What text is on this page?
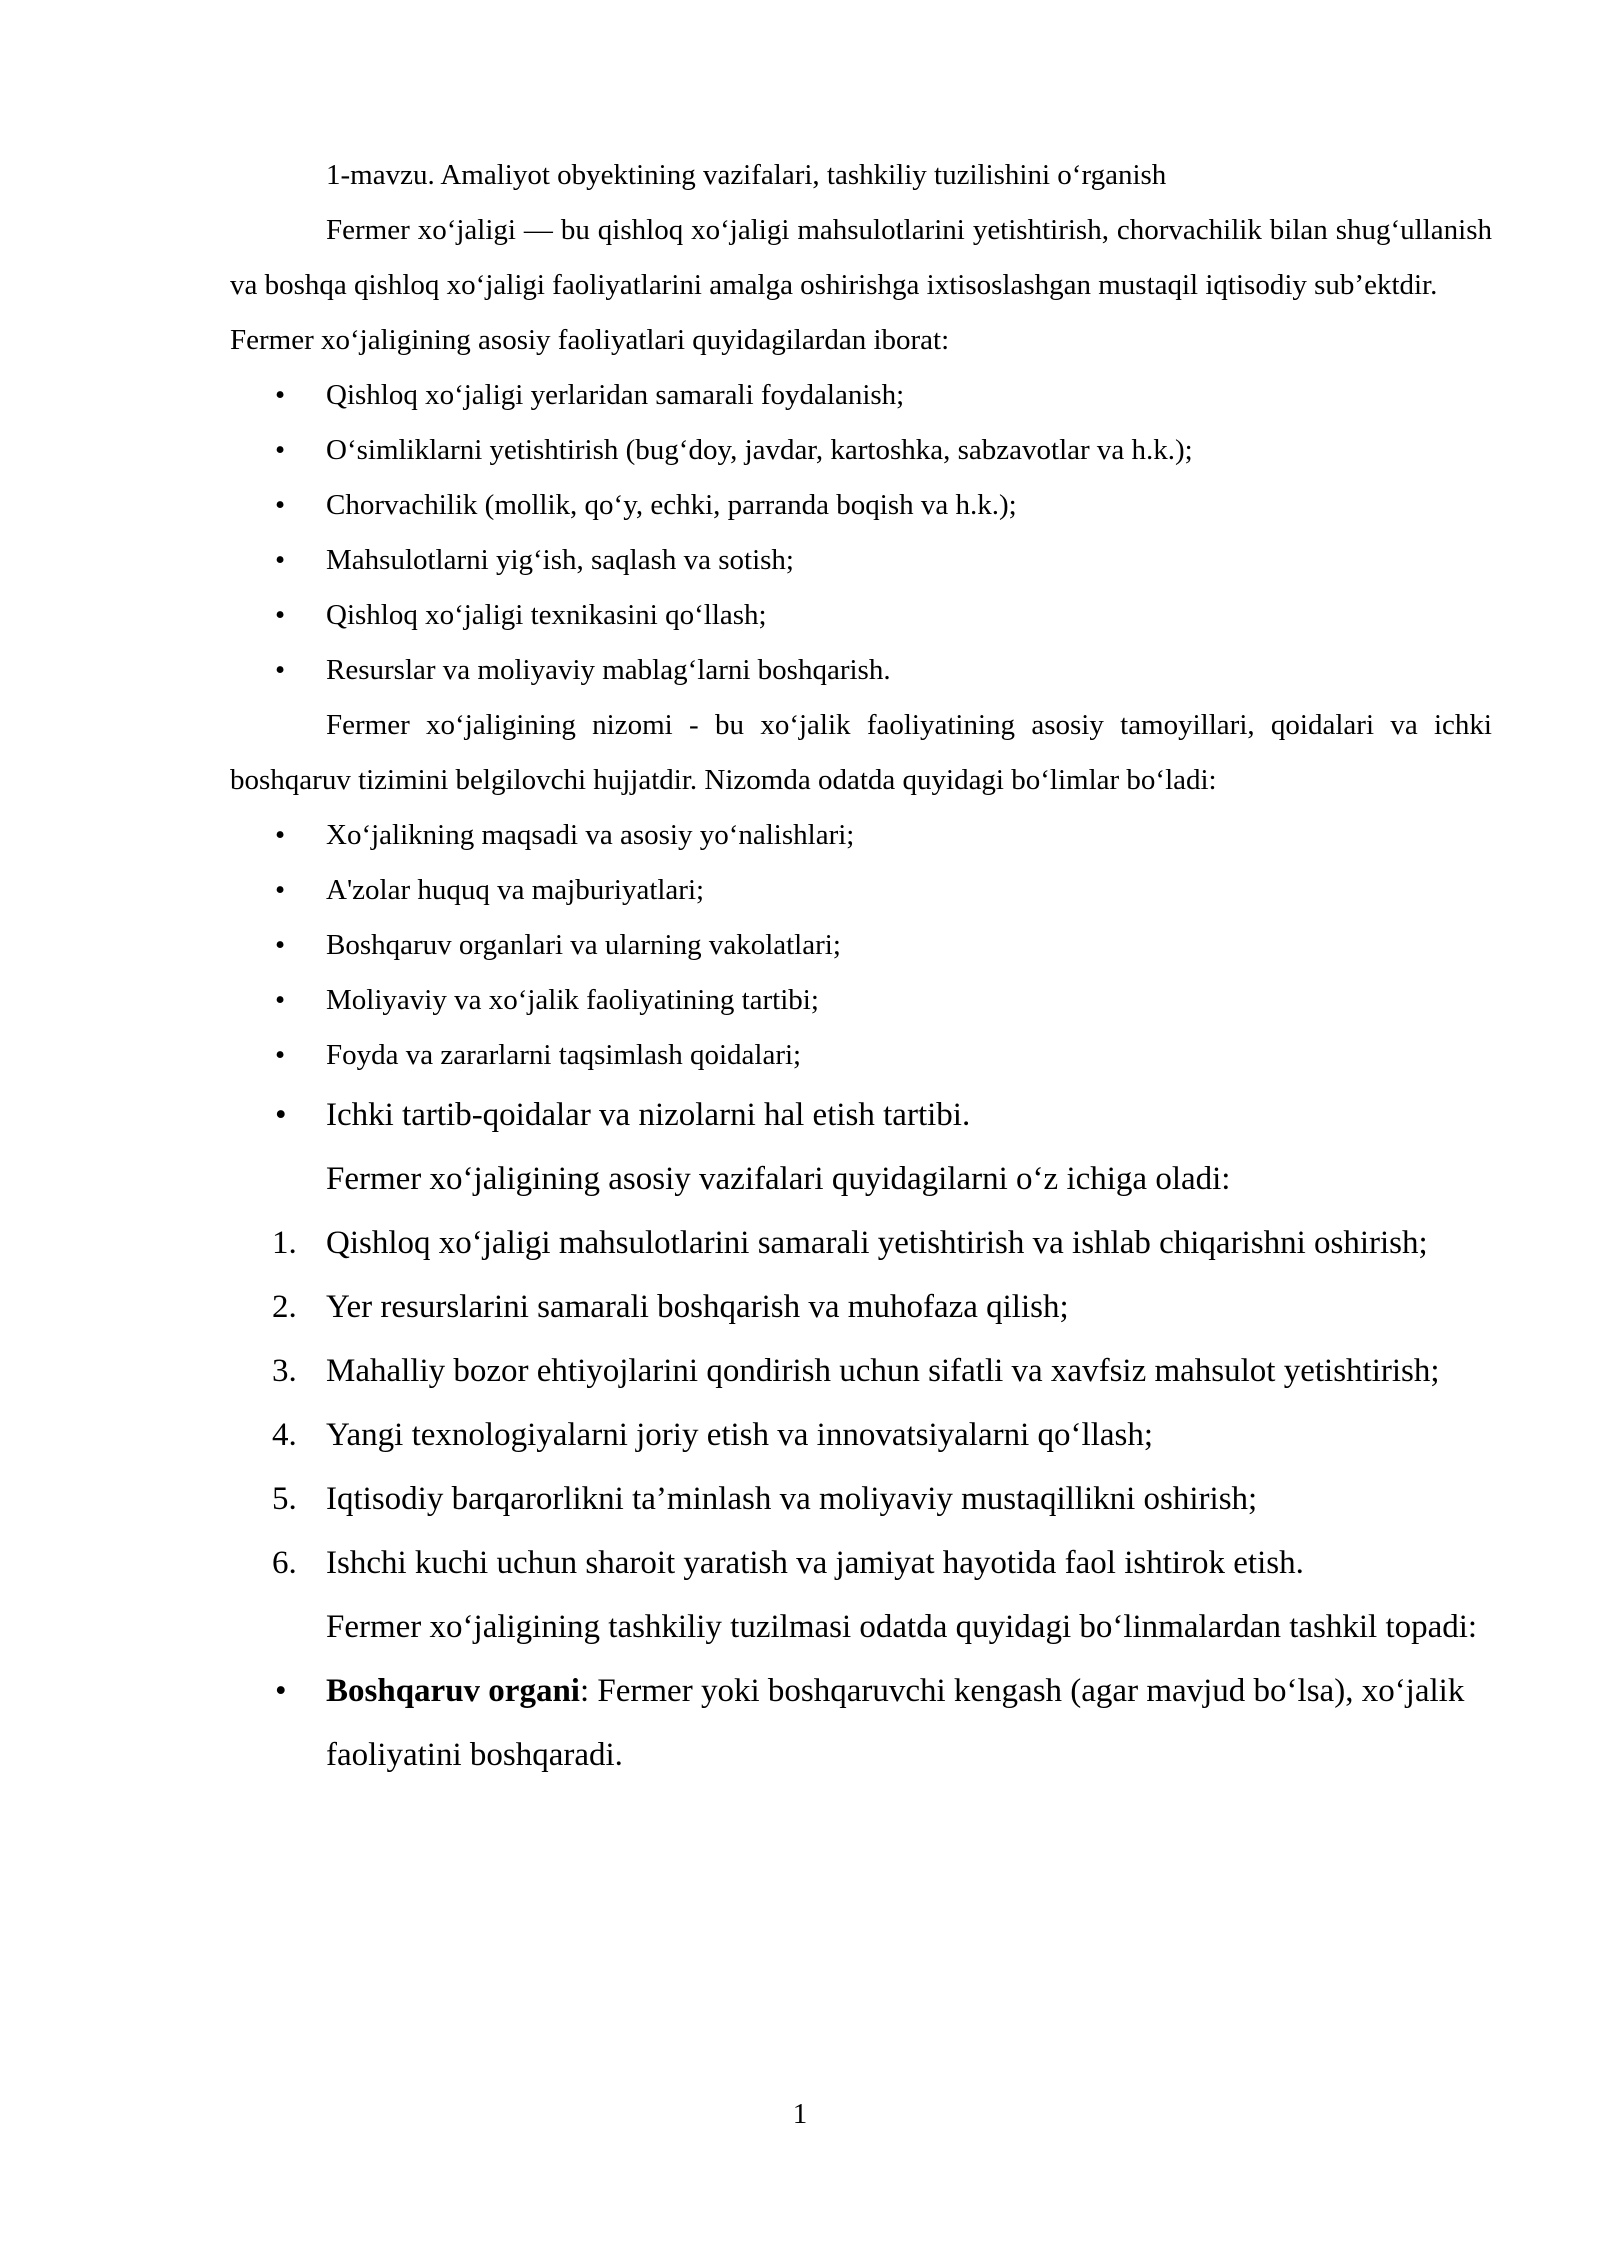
1-mavzu. Amaliyot obyektining vazifalari, tashkiliy tuzilishini o‘rganish

Fermer xo‘jaligi — bu qishloq xo‘jaligi mahsulotlarini yetishtirish, chorvachilik bilan shug‘ullanish va boshqa qishloq xo‘jaligi faoliyatlarini amalga oshirishga ixtisoslashgan mustaqil iqtisodiy sub’ektdir.

Fermer xo‘jaligining asosiy faoliyatlari quyidagilardan iborat:

• Qishloq xo‘jaligi yerlaridan samarali foydalanish;
• O‘simliklarni yetishtirish (bug‘doy, javdar, kartoshka, sabzavotlar va h.k.);
• Chorvachilik (mollik, qo‘y, echki, parranda boqish va h.k.);
• Mahsulotlarni yig‘ish, saqlash va sotish;
• Qishloq xo‘jaligi texnikasini qo‘llash;
• Resurslar va moliyaviy mablag‘larni boshqarish.

Fermer xo‘jaligining nizomi - bu xo‘jalik faoliyatining asosiy tamoyillari, qoidalari va ichki boshqaruv tizimini belgilovchi hujjatdir. Nizomda odatda quyidagi bo‘limlar bo‘ladi:

• Xo‘jalikning maqsadi va asosiy yo‘nalishlari;
• A'zolar huquq va majburiyatlari;
• Boshqaruv organlari va ularning vakolatlari;
• Moliyaviy va xo‘jalik faoliyatining tartibi;
• Foyda va zararlarni taqsimlash qoidalari;
• Ichki tartib-qoidalar va nizolarni hal etish tartibi.

Fermer xo‘jaligining asosiy vazifalari quyidagilarni o‘z ichiga oladi:

1. Qishloq xo‘jaligi mahsulotlarini samarali yetishtirish va ishlab chiqarishni oshirish;
2. Yer resurslarini samarali boshqarish va muhofaza qilish;
3. Mahalliy bozor ehtiyojlarini qondirish uchun sifatli va xavfsiz mahsulot yetishtirish;
4. Yangi texnologiyalarni joriy etish va innovatsiyalarni qo‘llash;
5. Iqtisodiy barqarorlikni ta’minlash va moliyaviy mustaqillikni oshirish;
6. Ishchi kuchi uchun sharoit yaratish va jamiyat hayotida faol ishtirok etish.

Fermer xo‘jaligining tashkiliy tuzilmasi odatda quyidagi bo‘linmalardan tashkil topadi:

• Boshqaruv organi: Fermer yoki boshqaruvchi kengash (agar mavjud bo‘lsa), xo‘jalik faoliyatini boshqaradi.
1
